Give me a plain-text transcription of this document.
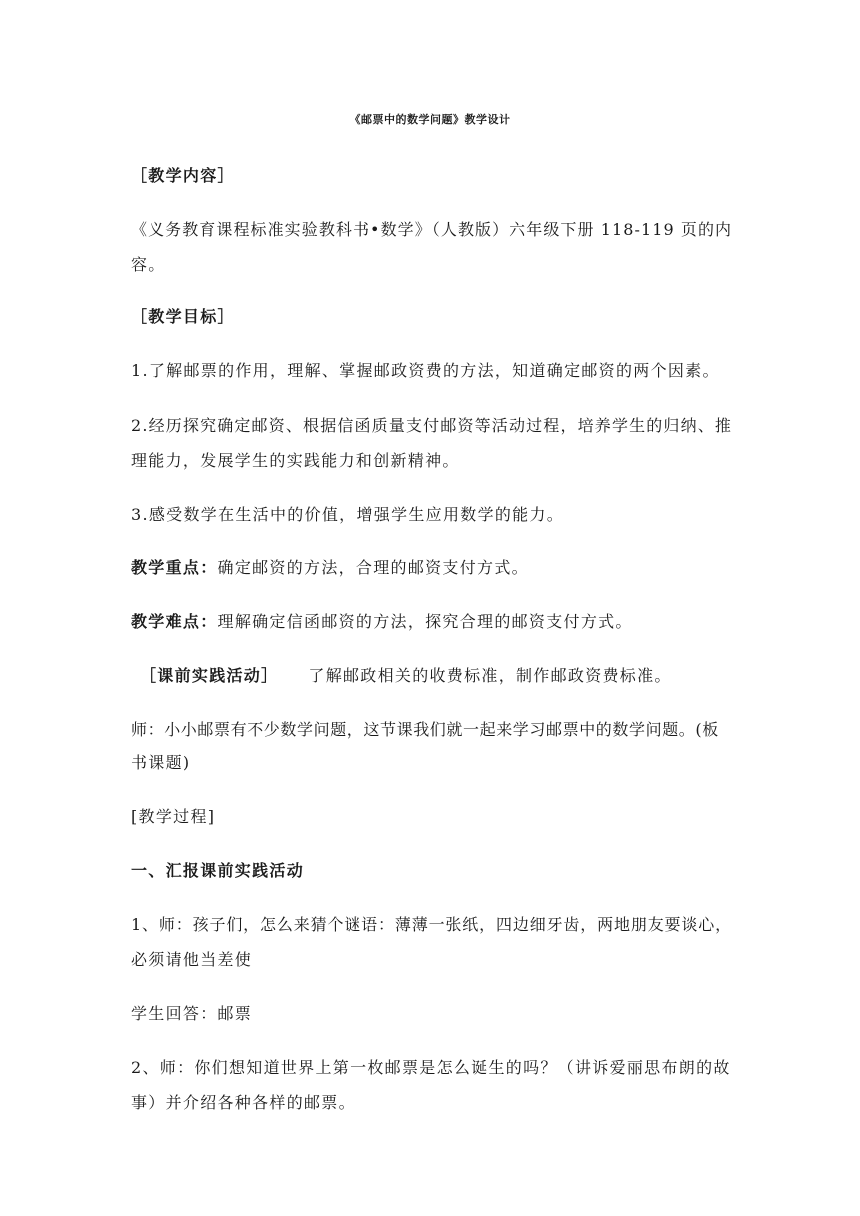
《邮票中的数学问题》教学设计
［教学内容］
《义务教育课程标准实验教科书•数学》（人教版）六年级下册 118-119 页的内
容。
［教学目标］
1.了解邮票的作用，理解、掌握邮政资费的方法，知道确定邮资的两个因素。
2.经历探究确定邮资、根据信函质量支付邮资等活动过程，培养学生的归纳、推
理能力，发展学生的实践能力和创新精神。
3.感受数学在生活中的价值，增强学生应用数学的能力。
教学重点：确定邮资的方法，合理的邮资支付方式。
教学难点：理解确定信函邮资的方法，探究合理的邮资支付方式。
［课前实践活动］ 了解邮政相关的收费标准，制作邮政资费标准。
师：小小邮票有不少数学问题，这节课我们就一起来学习邮票中的数学问题。(板
书课题)
[教学过程]
一、汇报课前实践活动
1、师：孩子们，怎么来猜个谜语：薄薄一张纸，四边细牙齿，两地朋友要谈心，
必须请他当差使
学生回答：邮票
2、师：你们想知道世界上第一枚邮票是怎么诞生的吗？（讲诉爱丽思布朗的故
事）并介绍各种各样的邮票。
